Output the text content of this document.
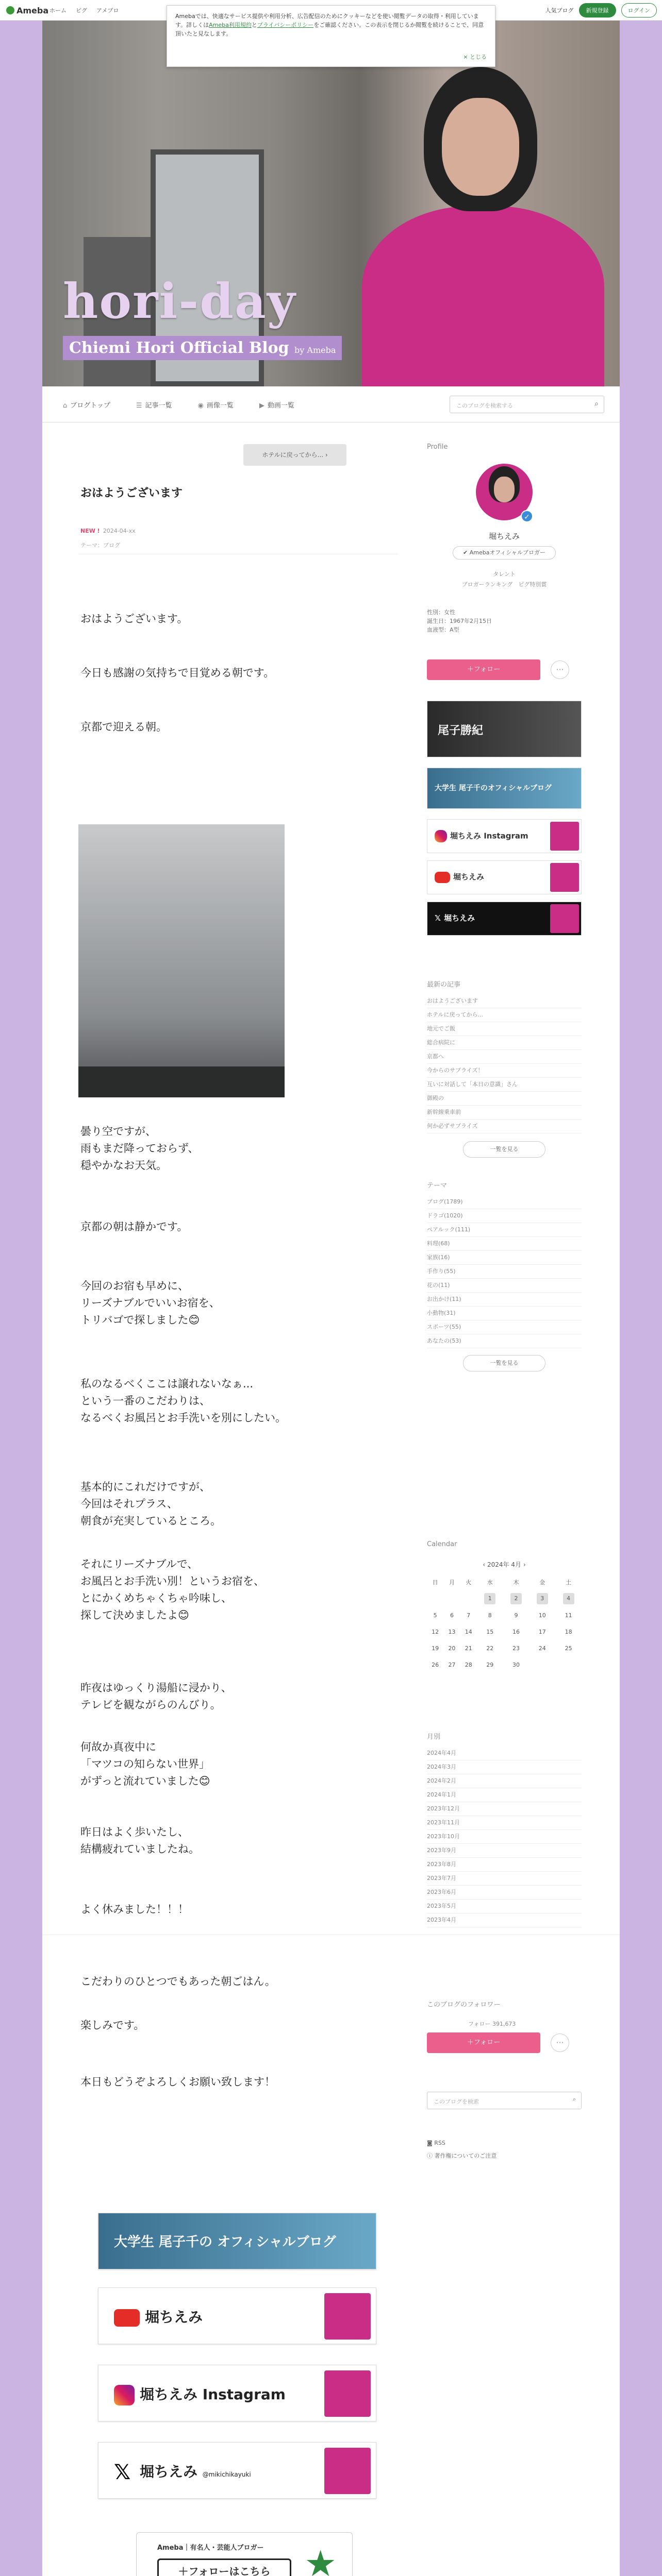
Ameba ホーム ピグ アメブロ	人気ブログ	新規登録	ログイン
Amebaでは、快適なサービス提供や利用分析、広告配信のためにクッキーなどを使い閲覧データの取得・利用しています。詳しくはAmeba利用規約とプライバシーポリシーをご確認ください。この表示を閉じるか閲覧を続けることで、同意頂いたと見なします。
× とじる
hori-day
Chiemi Hori Official Blog by Ameba
⌂ ブログトップ	☰ 記事一覧	◉ 画像一覧	▶ 動画一覧	このブログを検索する	⌕
ホテルに戻ってから... ›
おはようございます
NEW ! 2024-04-xx
テーマ：ブログ
おはようございます。
今日も感謝の気持ちで目覚める朝です。
京都で迎える朝。
曇り空ですが、
雨もまだ降っておらず、
穏やかなお天気。
京都の朝は静かです。
今回のお宿も早めに、
リーズナブルでいいお宿を、
トリバゴで探しました😊
私のなるべくここは譲れないなぁ...
という一番のこだわりは、
なるべくお風呂とお手洗いを別にしたい。
基本的にこれだけですが、
今回はそれプラス、
朝食が充実しているところ。
それにリーズナブルで、
お風呂とお手洗い別！というお宿を、
とにかくめちゃくちゃ吟味し、
探して決めましたよ😊
昨夜はゆっくり湯船に浸かり、
テレビを観ながらのんびり。
何故か真夜中に
「マツコの知らない世界」
がずっと流れていました😊
昨日はよく歩いたし、
結構疲れていましたね。
よく休みました！！！
こだわりのひとつでもあった朝ごはん。
楽しみです。
本日もどうぞよろしくお願い致します！
大学生 尾子千の オフィシャルブログ
堀ちえみ
堀ちえみ Instagram
𝕏 堀ちえみ @mikichikayuki
Ameba｜有名人・芸能人ブロガー
＋フォローはこちら ★
Profile
✓
堀ちえみ
✔ Amebaオフィシャルブロガー
タレント
ブロガーランキング　ピグ特別賞
性別：女性
誕生日：1967年2月15日
血液型：A型
＋フォロー	···
尾子勝紀
大学生 尾子千のオフィシャルブログ
堀ちえみ Instagram
堀ちえみ
𝕏 堀ちえみ
最新の記事
おはようございます
ホテルに戻ってから...
地元でご飯
総合病院に
京都へ
今からのサプライズ！
互いに対話して「本日の意識」さん
御殿の
新幹線乗車前
何か必ずサプライズ
一覧を見る
テーマ
ブログ(1789)
ドラゴ(1020)
ペアルック(111)
料理(68)
家族(16)
手作り(55)
花の(11)
お出かけ(11)
小動物(31)
スポーツ(55)
あなたの(53)
一覧を見る
Calendar
‹ 2024年 4月 ›
日	月	火	水	木	金	土
			1	2	3	4
5	6	7	8	9	10	11
12	13	14	15	16	17	18
19	20	21	22	23	24	25
26	27	28	29	30		
月別
2024年4月
2024年3月
2024年2月
2024年1月
2023年12月
2023年11月
2023年10月
2023年9月
2023年8月
2023年7月
2023年6月
2023年5月
2023年4月
このブログのフォロワー
フォロー 391,673
＋フォロー	···
このブログを検索	⌕
◙ RSS
ⓘ 著作権についてのご注意
